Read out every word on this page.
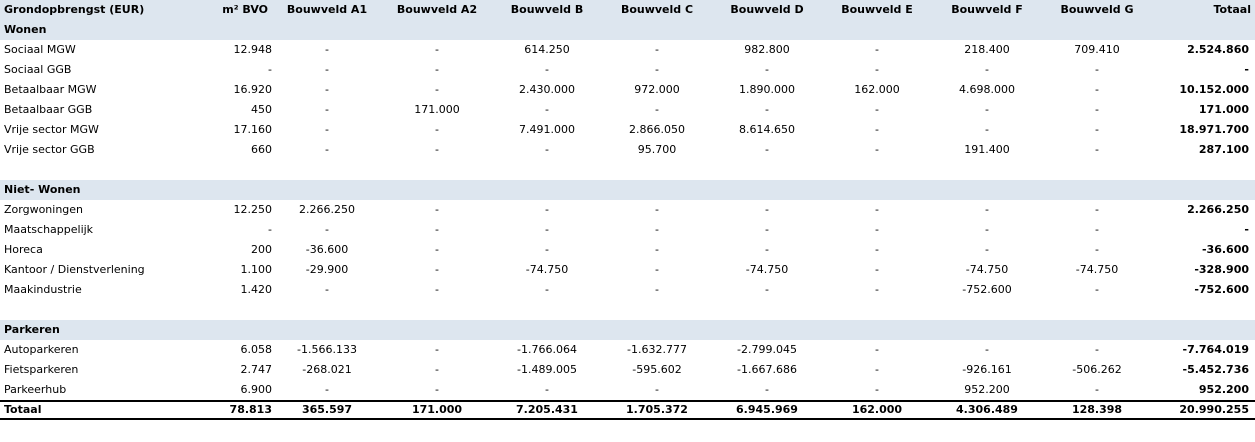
Grondopbrengst (EUR)	m² BVO	Bouwveld A1	Bouwveld A2	Bouwveld B	Bouwveld C	Bouwveld D	Bouwveld E	Bouwveld F	Bouwveld G	Totaal
Wonen										
Sociaal MGW	12.948	-	-	614.250	-	982.800	-	218.400	709.410	2.524.860
Sociaal GGB	-	-	-	-	-	-	-	-	-	-
Betaalbaar MGW	16.920	-	-	2.430.000	972.000	1.890.000	162.000	4.698.000	-	10.152.000
Betaalbaar GGB	450	-	171.000	-	-	-	-	-	-	171.000
Vrije sector MGW	17.160	-	-	7.491.000	2.866.050	8.614.650	-	-	-	18.971.700
Vrije sector GGB	660	-	-	-	95.700	-	-	191.400	-	287.100

Niet- Wonen										
Zorgwoningen	12.250	2.266.250	-	-	-	-	-	-	-	2.266.250
Maatschappelijk	-	-	-	-	-	-	-	-	-	-
Horeca	200	-36.600	-	-	-	-	-	-	-	-36.600
Kantoor / Dienstverlening	1.100	-29.900	-	-74.750	-	-74.750	-	-74.750	-74.750	-328.900
Maakindustrie	1.420	-	-	-	-	-	-	-752.600	-	-752.600

Parkeren										
Autoparkeren	6.058	-1.566.133	-	-1.766.064	-1.632.777	-2.799.045	-	-	-	-7.764.019
Fietsparkeren	2.747	-268.021	-	-1.489.005	-595.602	-1.667.686	-	-926.161	-506.262	-5.452.736
Parkeerhub	6.900	-	-	-	-	-	-	952.200	-	952.200
Totaal	78.813	365.597	171.000	7.205.431	1.705.372	6.945.969	162.000	4.306.489	128.398	20.990.255
